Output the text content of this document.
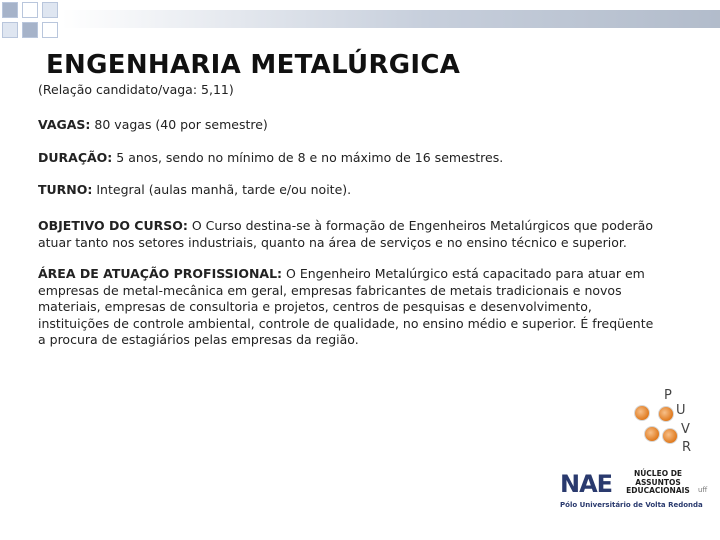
ENGENHARIA METALÚRGICA
(Relação candidato/vaga: 5,11)
VAGAS: 80 vagas (40 por semestre)
DURAÇÃO: 5 anos, sendo no mínimo de 8 e no máximo de 16 semestres.
TURNO: Integral (aulas manhã, tarde e/ou noite).
OBJETIVO DO CURSO: O Curso destina-se à formação de Engenheiros Metalúrgicos que poderão atuar tanto nos setores industriais, quanto na área de serviços e no ensino técnico e superior.
ÁREA DE ATUAÇÃO PROFISSIONAL: O Engenheiro Metalúrgico está capacitado para atuar em empresas de metal-mecânica em geral, empresas fabricantes de metais tradicionais e novos materiais, empresas de consultoria e projetos, centros de pesquisas e desenvolvimento, instituições de controle ambiental, controle de qualidade, no ensino médio e superior. É freqüente a procura de estagiários pelas empresas da região.
P
U
V
R
NAE	NÚCLEO DE ASSUNTOS EDUCACIONAIS	uff
Pólo Universitário de Volta Redonda
